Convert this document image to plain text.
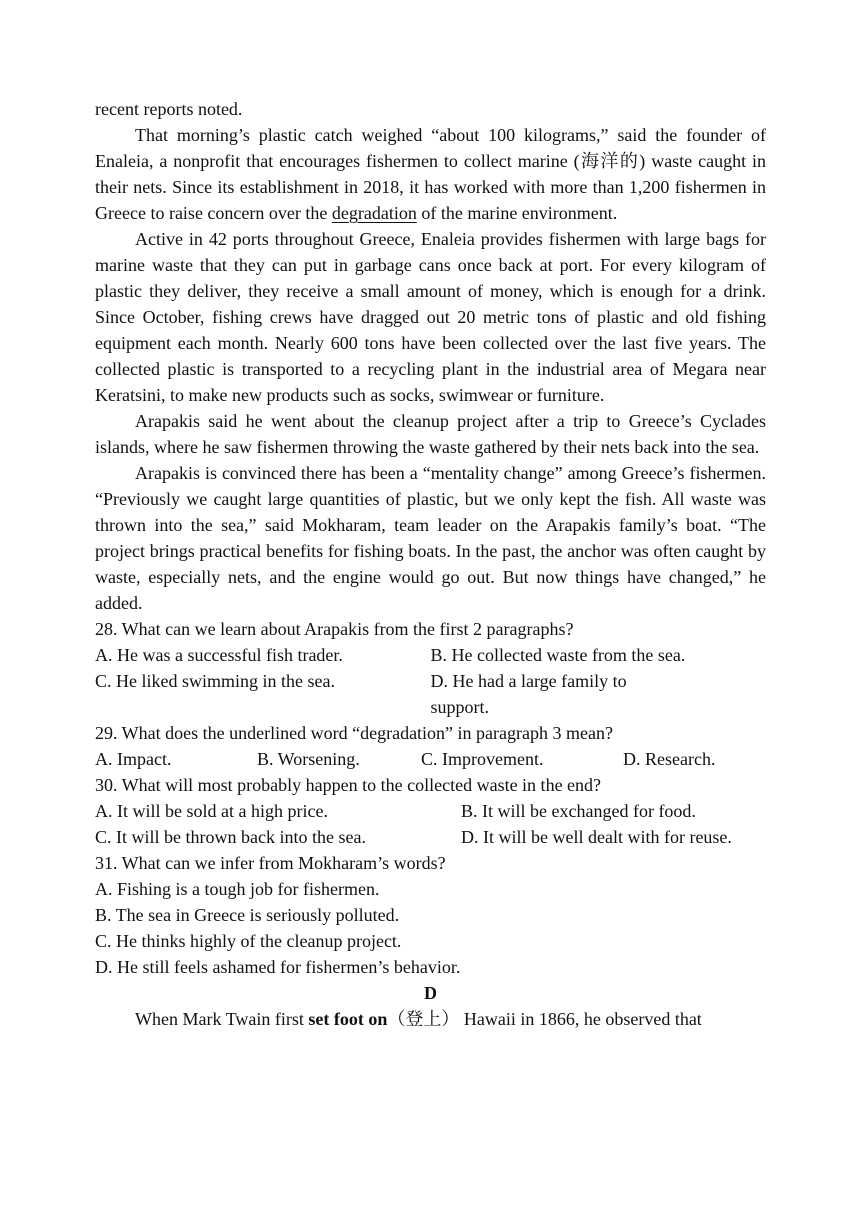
recent reports noted.

That morning’s plastic catch weighed “about 100 kilograms,” said the founder of Enaleia, a nonprofit that encourages fishermen to collect marine (海洋的) waste caught in their nets. Since its establishment in 2018, it has worked with more than 1,200 fishermen in Greece to raise concern over the degradation of the marine environment.

Active in 42 ports throughout Greece, Enaleia provides fishermen with large bags for marine waste that they can put in garbage cans once back at port. For every kilogram of plastic they deliver, they receive a small amount of money, which is enough for a drink. Since October, fishing crews have dragged out 20 metric tons of plastic and old fishing equipment each month. Nearly 600 tons have been collected over the last five years. The collected plastic is transported to a recycling plant in the industrial area of Megara near Keratsini, to make new products such as socks, swimwear or furniture.

Arapakis said he went about the cleanup project after a trip to Greece’s Cyclades islands, where he saw fishermen throwing the waste gathered by their nets back into the sea.

Arapakis is convinced there has been a “mentality change” among Greece’s fishermen. “Previously we caught large quantities of plastic, but we only kept the fish. All waste was thrown into the sea,” said Mokharam, team leader on the Arapakis family’s boat. “The project brings practical benefits for fishing boats. In the past, the anchor was often caught by waste, especially nets, and the engine would go out. But now things have changed,” he added.

28. What can we learn about Arapakis from the first 2 paragraphs?

A. He was a successful fish trader.	B. He collected waste from the sea.
C. He liked swimming in the sea.	D. He had a large family to support.

29. What does the underlined word “degradation” in paragraph 3 mean?

A. Impact.	B. Worsening.	C. Improvement.	D. Research.

30. What will most probably happen to the collected waste in the end?

A. It will be sold at a high price.	B. It will be exchanged for food.
C. It will be thrown back into the sea.	D. It will be well dealt with for reuse.

31. What can we infer from Mokharam’s words?

A. Fishing is a tough job for fishermen.

B. The sea in Greece is seriously polluted.

C. He thinks highly of the cleanup project.

D. He still feels ashamed for fishermen’s behavior.

D

When Mark Twain first set foot on（登上） Hawaii in 1866, he observed that
